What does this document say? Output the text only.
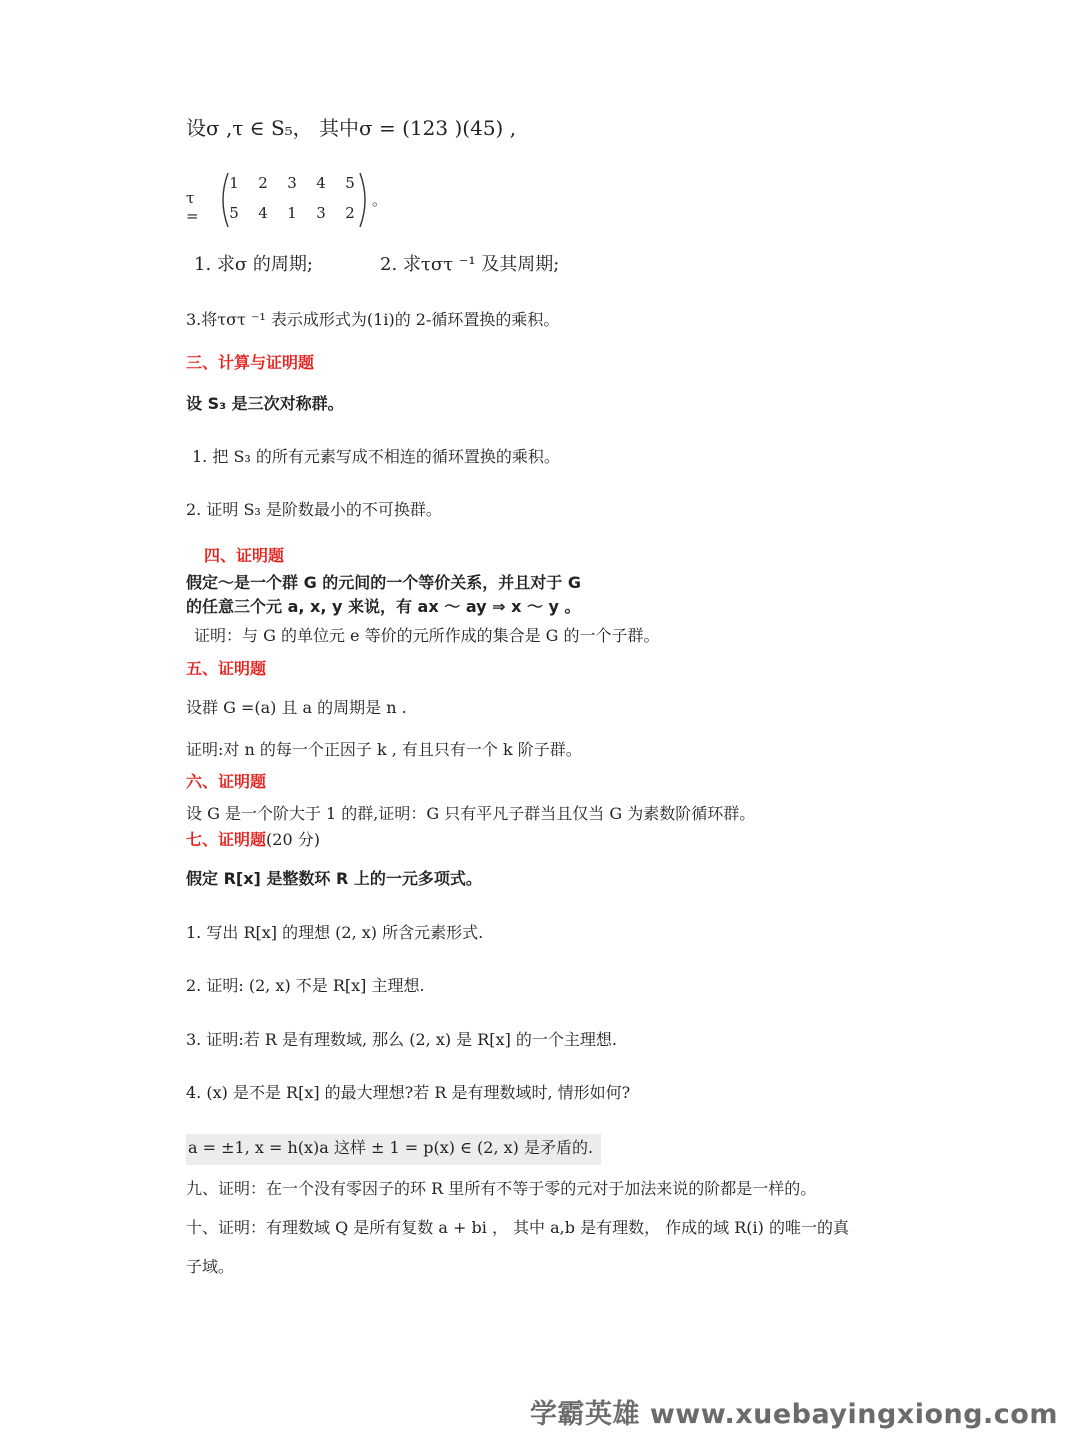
设σ ,τ ∈ S₅， 其中σ = (123 )(45) ,
τ =
1 2 3 4 5
5 4 1 3 2
。
1. 求σ 的周期;	2. 求τστ ⁻¹ 及其周期;
3.将τστ ⁻¹ 表示成形式为(1i)的 2-循环置换的乘积。
三、计算与证明题
设 S₃ 是三次对称群。
1. 把 S₃ 的所有元素写成不相连的循环置换的乘积。
2. 证明 S₃ 是阶数最小的不可换群。
四、证明题
假定～是一个群 G 的元间的一个等价关系，并且对于 G
的任意三个元 a, x, y 来说，有 ax ～ ay ⇒ x ～ y 。
证明：与 G 的单位元 e 等价的元所作成的集合是 G 的一个子群。
五、证明题
设群 G =(a) 且 a 的周期是 n .
证明:对 n 的每一个正因子 k , 有且只有一个 k 阶子群。
六、证明题
设 G 是一个阶大于 1 的群,证明：G 只有平凡子群当且仅当 G 为素数阶循环群。
七、证明题(20 分)
假定 R[x] 是整数环 R 上的一元多项式。
1. 写出 R[x] 的理想 (2, x) 所含元素形式.
2. 证明: (2, x) 不是 R[x] 主理想.
3. 证明:若 R 是有理数域, 那么 (2, x) 是 R[x] 的一个主理想.
4. (x) 是不是 R[x] 的最大理想?若 R 是有理数域时, 情形如何?
a = ±1, x = h(x)a 这样 ± 1 = p(x) ∈ (2, x) 是矛盾的.
九、证明：在一个没有零因子的环 R 里所有不等于零的元对于加法来说的阶都是一样的。
十、证明：有理数域 Q 是所有复数 a + bi ， 其中 a,b 是有理数， 作成的域 R(i) 的唯一的真
子域。
学霸英雄 www.xuebayingxiong.com
